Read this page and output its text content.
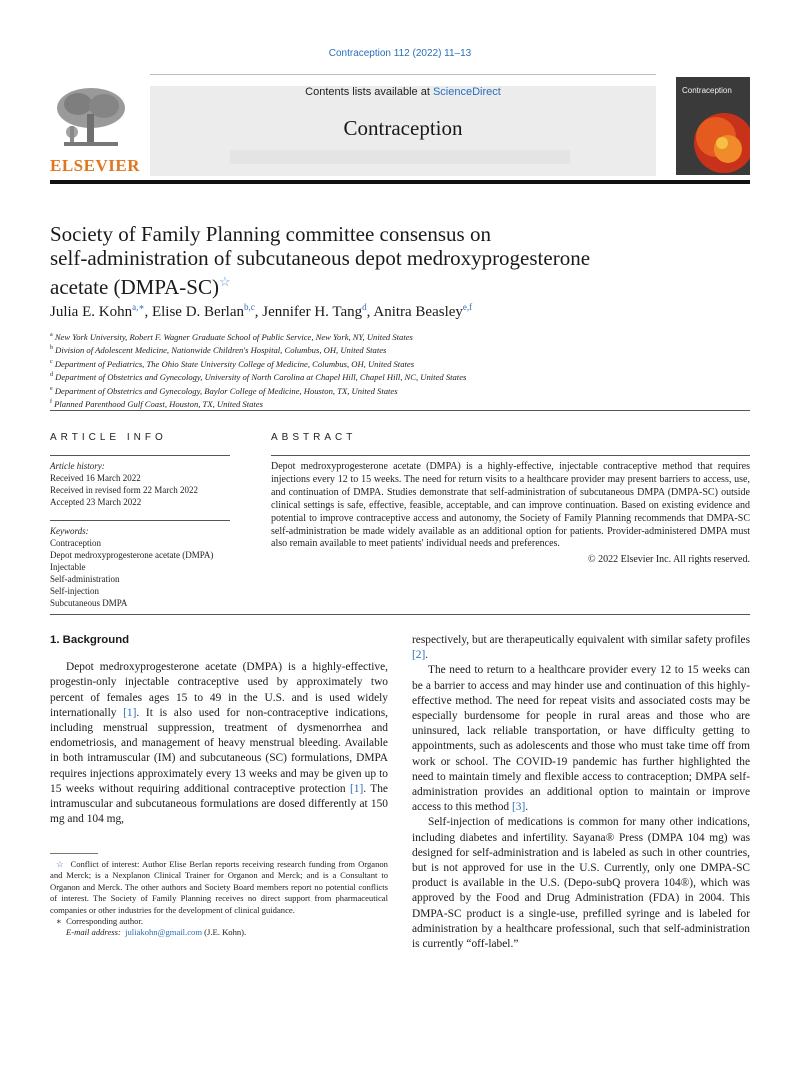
Contraception 112 (2022) 11–13
Contents lists available at ScienceDirect
Contraception
ELSEVIER
Contraception
Society of Family Planning committee consensus on
self-administration of subcutaneous depot medroxyprogesterone
acetate (DMPA-SC)☆
Julia E. Kohn$^{a,∗}$, Elise D. Berlan$^{b,c}$, Jennifer H. Tang$^d$, Anitra Beasley$^{e,f}$
$^a$ New York University, Robert F. Wagner Graduate School of Public Service, New York, NY, United States
$^b$ Division of Adolescent Medicine, Nationwide Children's Hospital, Columbus, OH, United States
$^c$ Department of Pediatrics, The Ohio State University College of Medicine, Columbus, OH, United States
$^d$ Department of Obstetrics and Gynecology, University of North Carolina at Chapel Hill, Chapel Hill, NC, United States
$^e$ Department of Obstetrics and Gynecology, Baylor College of Medicine, Houston, TX, United States
$^f$ Planned Parenthood Gulf Coast, Houston, TX, United States
ARTICLE INFO
Article history:
Received 16 March 2022
Received in revised form 22 March 2022
Accepted 23 March 2022
Keywords:
Contraception
Depot medroxyprogesterone acetate (DMPA)
Injectable
Self-administration
Self-injection
Subcutaneous DMPA
ABSTRACT
Depot medroxyprogesterone acetate (DMPA) is a highly-effective, injectable contraceptive method that requires injections every 12 to 15 weeks. The need for return visits to a healthcare provider may present barriers to access, use, and continuation of DMPA. Studies demonstrate that self-administration of subcutaneous DMPA (DMPA-SC) outside clinical settings is safe, effective, feasible, acceptable, and can improve continuation. Based on existing evidence and potential to improve contraceptive access and autonomy, the Society of Family Planning recommends that DMPA-SC self-administration be made widely available as an additional option for patients. Provider-administered DMPA must also remain available to meet patients' individual needs and preferences.
© 2022 Elsevier Inc. All rights reserved.
1. Background

Depot medroxyprogesterone acetate (DMPA) is a highly-effective, progestin-only injectable contraceptive used by approximately two percent of females ages 15 to 49 in the U.S. and is used widely internationally [1]. It is also used for non-contraceptive indications, including menstrual suppression, treatment of dysmenorrhea and endometriosis, and management of heavy menstrual bleeding. Available in both intramuscular (IM) and subcutaneous (SC) formulations, DMPA requires injections approximately every 13 weeks and may be given up to 15 weeks without requiring additional contraceptive protection [1]. The intramuscular and subcutaneous formulations are dosed differently at 150 mg and 104 mg,

respectively, but are therapeutically equivalent with similar safety profiles [2].

The need to return to a healthcare provider every 12 to 15 weeks can be a barrier to access and may hinder use and continuation of this highly-effective method. The need for repeat visits and associated costs may be especially burdensome for people in rural areas and those who are uninsured, lack reliable transportation, or have difficulty getting to appointments, such as adolescents and those who must take time off from work or school. The COVID-19 pandemic has further highlighted the need to maintain timely and flexible access to contraception; DMPA self-administration provides an additional option to maintain or improve access to this method [3].

Self-injection of medications is common for many other indications, including diabetes and infertility. Sayana® Press (DMPA 104 mg) was designed for self-administration and is labeled as such in other countries, but is not approved for use in the U.S. Currently, only one DMPA-SC product is available in the U.S. (Depo-subQ provera 104®), which was approved by the Food and Drug Administration (FDA) in 2004. This DMPA-SC product is a single-use, prefilled syringe and is labeled for administration by a healthcare professional, such that self-administration is currently “off-label.”

☆ Conflict of interest: Author Elise Berlan reports receiving research funding from Organon and Merck; is a Nexplanon Clinical Trainer for Organon and Merck; and is a Consultant to Organon and Merck. The other authors and Society Board members report no potential conflicts of interest. The Society of Family Planning receives no direct support from pharmaceutical companies or other industries for the development of clinical guidance.

∗ Corresponding author.

E-mail address: juliakohn@gmail.com (J.E. Kohn).
